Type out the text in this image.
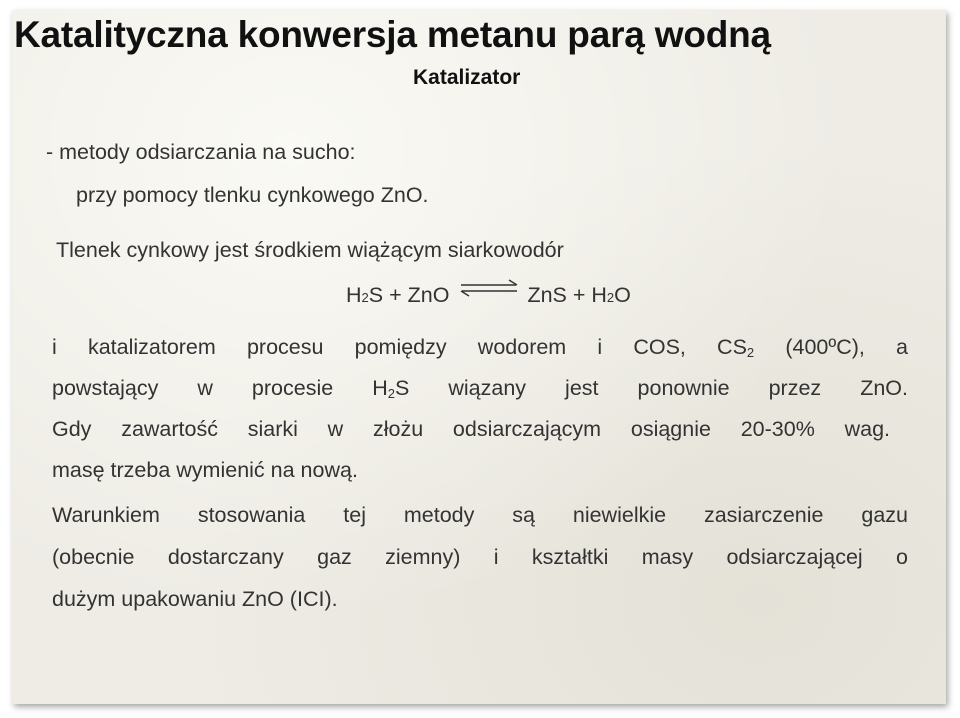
Katalityczna konwersja metanu parą wodną
Katalizator
- metody odsiarczania na sucho:
przy pomocy tlenku cynkowego ZnO.
Tlenek cynkowy jest środkiem wiążącym siarkowodór
H 2 S + ZnO ⇌ ZnS + H 2 O
i katalizatorem procesu pomiędzy wodorem i COS, $CS_2$ (400ºC), a
powstający w procesie $H_2S$ wiązany jest ponownie przez ZnO.
Gdy zawartość siarki w złożu odsiarczającym osiągnie 20-30% wag.
masę trzeba wymienić na nową.
Warunkiem stosowania tej metody są niewielkie zasiarczenie gazu
(obecnie dostarczany gaz ziemny) i kształtki masy odsiarczającej o
dużym upakowaniu ZnO (ICI).
